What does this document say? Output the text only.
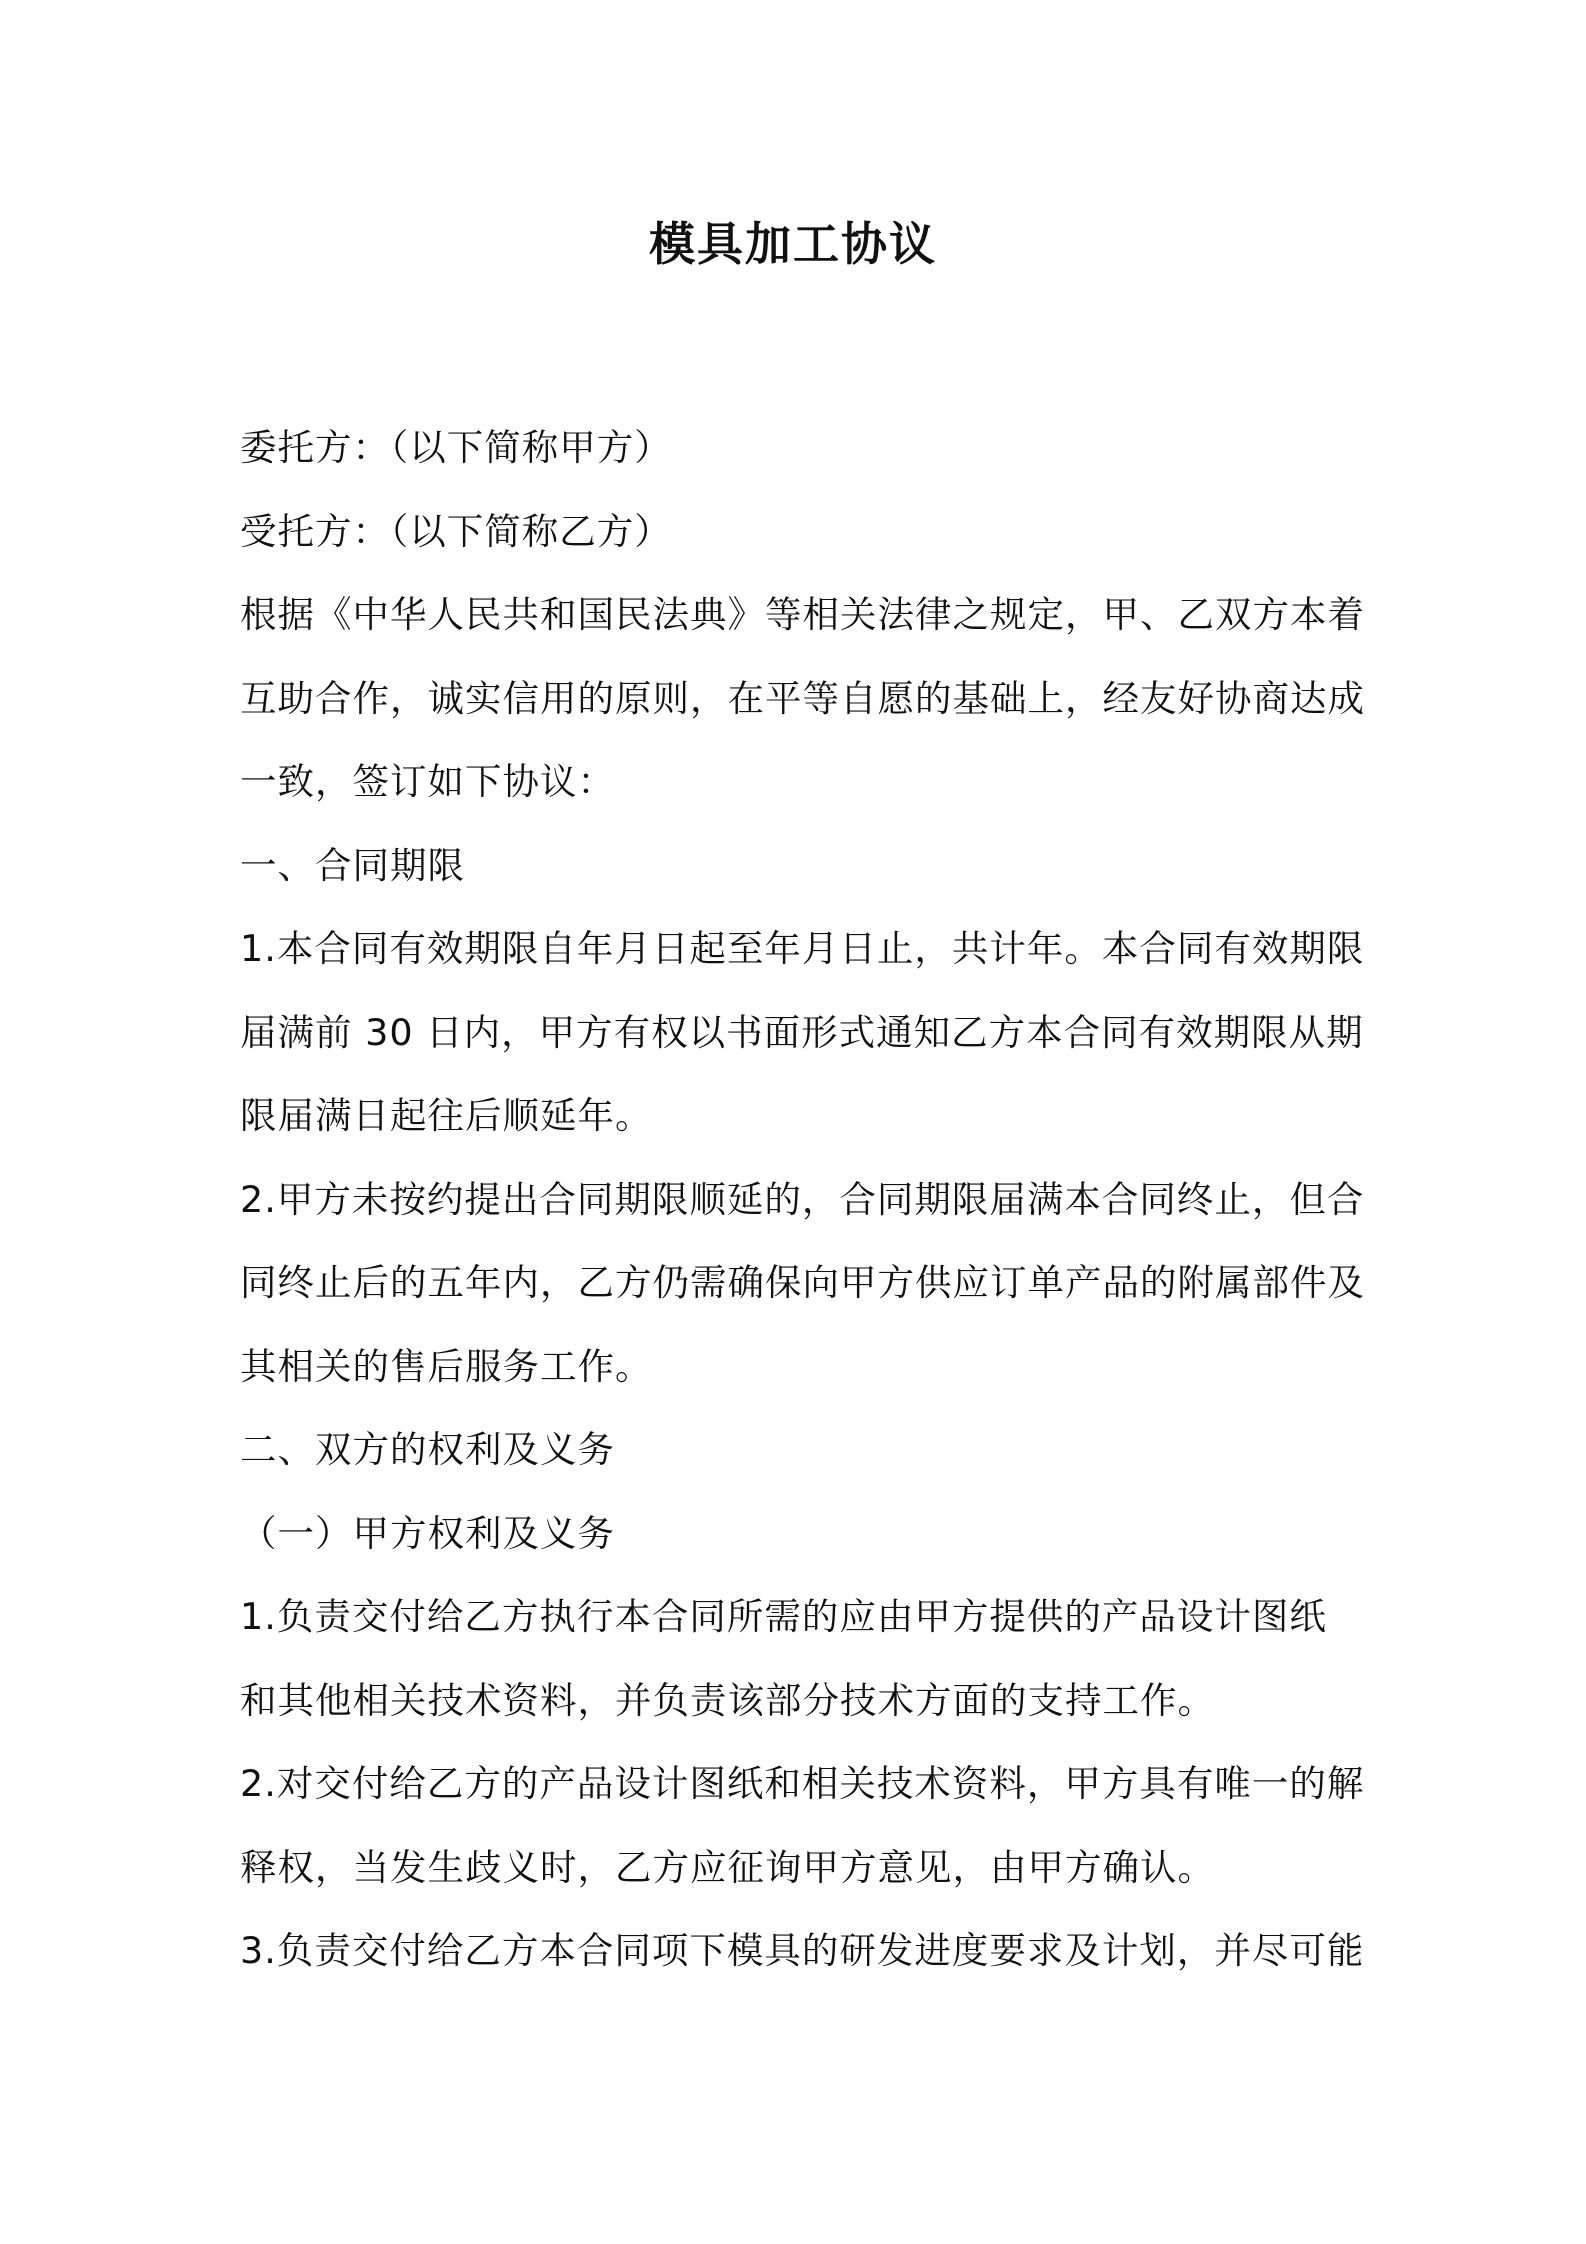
模具加工协议
委托方：（以下简称甲方）
受托方：（以下简称乙方）
根据《中华人民共和国民法典》等相关法律之规定，甲、乙双方本着
互助合作，诚实信用的原则，在平等自愿的基础上，经友好协商达成
一致，签订如下协议：
一、合同期限
1.本合同有效期限自年月日起至年月日止，共计年。本合同有效期限
届满前 30 日内，甲方有权以书面形式通知乙方本合同有效期限从期
限届满日起往后顺延年。
2.甲方未按约提出合同期限顺延的，合同期限届满本合同终止，但合
同终止后的五年内，乙方仍需确保向甲方供应订单产品的附属部件及
其相关的售后服务工作。
二、双方的权利及义务
（一）甲方权利及义务
1.负责交付给乙方执行本合同所需的应由甲方提供的产品设计图纸
和其他相关技术资料，并负责该部分技术方面的支持工作。
2.对交付给乙方的产品设计图纸和相关技术资料，甲方具有唯一的解
释权，当发生歧义时，乙方应征询甲方意见，由甲方确认。
3.负责交付给乙方本合同项下模具的研发进度要求及计划，并尽可能
